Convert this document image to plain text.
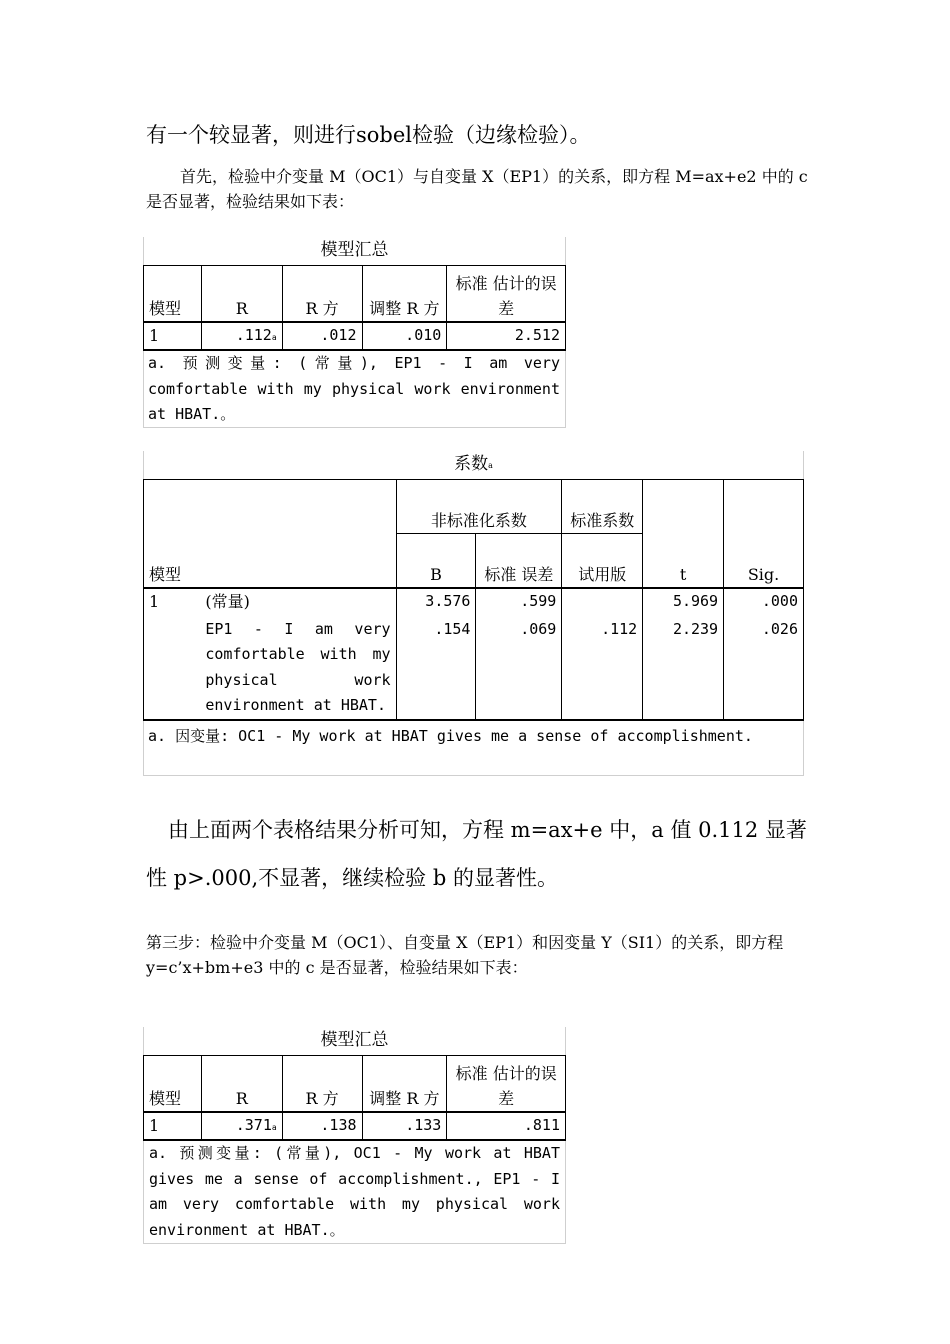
有一个较显著，则进行sobel检验（边缘检验）。
首先，检验中介变量 M（OC1）与自变量 X（EP1）的关系，即方程 M=ax+e2 中的 c 是否显著，检验结果如下表：
模型汇总
模型	R	R 方	调整 R 方	标准 估计的误差
1	.112$^a$	.012	.010	2.512
a. 预测变量: (常量), EP1 - I am very comfortable with my physical work environment at HBAT.。
系数$^a$
模型		非标准化系数		标准系数	t	Sig.
		B	标准 误差	试用版		
1	(常量)	3.576	.599		5.969	.000
	EP1 - I am very comfortable with my physical work environment at HBAT.	.154	.069	.112	2.239	.026
a. 因变量: OC1 - My work at HBAT gives me a sense of accomplishment.
由上面两个表格结果分析可知，方程 m=ax+e 中，a 值 0.112 显著性 p>.000,不显著，继续检验 b 的显著性。
第三步：检验中介变量 M（OC1）、自变量 X（EP1）和因变量 Y（SI1）的关系，即方程 y=c’x+bm+e3 中的 c 是否显著，检验结果如下表：
模型汇总
模型	R	R 方	调整 R 方	标准 估计的误差
1	.371$^a$	.138	.133	.811
a. 预测变量: (常量), OC1 - My work at HBAT gives me a sense of accomplishment., EP1 - I am very comfortable with my physical work environment at HBAT.。
